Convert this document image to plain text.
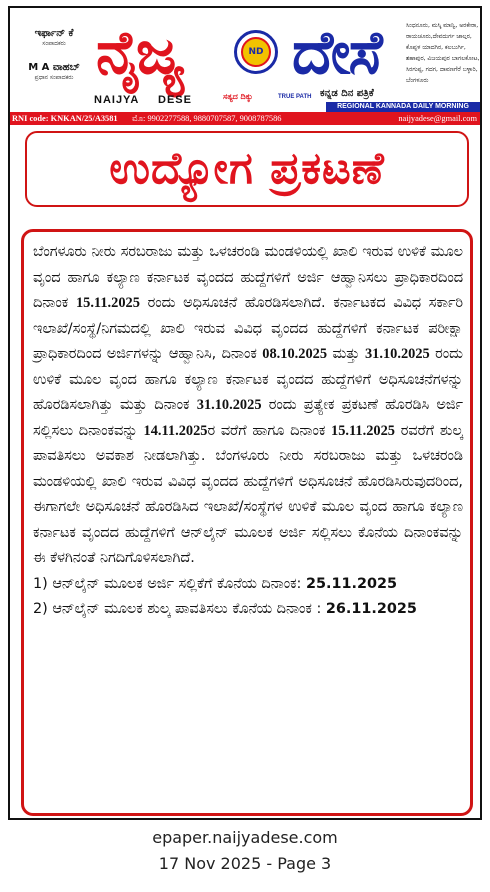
ಇರ್ಫಾನ್ ಕೆ
ಸಂಪಾದಕರು
M A ವಾಹಬ್
ಪ್ರಧಾನ ಸಂಪಾದಕರು ನೈಜ್ಯ	ND ದೇಸೆ
NAIJYA DESE	ಸತ್ಯದ ದಿಕ್ಕು	TRUE PATH ಕನ್ನಡ ದಿನ ಪತ್ರಿಕೆ
ಸಿಂಧನೂರು, ಮಸ್ಕಿ ಮಾನ್ವಿ, ಅರಕೇರಾ, ರಾಯಚೂರು,ದೇವದುರ್ಗ ಜಾಲ್ಗರ, ಕೊಪ್ಪಳ ಯಾದಗಿರ, ಕಲಬುರ್ಗಿ, ಶಹಾಪುರ, ವಿಜಯಪುರ ಬಾಗಲಕೋಟ, ಸಿರಗುಪ್ಪ, ಗದಗ, ದಾವಣಗೆರೆ ಬಳ್ಳಾರಿ, ಬೆಂಗಳೂರು
REGIONAL KANNADA DAILY MORNING
RNI code: KNKAN/25/A3581 ಮೊ: 9902277588, 9880707587, 9008787586	naijyadese@gmail.com
ಉದ್ಯೋಗ ಪ್ರಕಟಣೆ

ಬೆಂಗಳೂರು ನೀರು ಸರಬರಾಜು ಮತ್ತು ಒಳಚರಂಡಿ ಮಂಡಳಿಯಲ್ಲಿ ಖಾಲಿ ಇರುವ ಉಳಿಕೆ ಮೂಲ ವೃಂದ ಹಾಗೂ ಕಲ್ಯಾಣ ಕರ್ನಾಟಕ ವೃಂದದ ಹುದ್ದೆಗಳಿಗೆ ಅರ್ಜಿ ಆಹ್ವಾನಿಸಲು ಪ್ರಾಧಿಕಾರದಿಂದ ದಿನಾಂಕ 15.11.2025 ರಂದು ಅಧಿಸೂಚನೆ ಹೊರಡಿಸಲಾಗಿದೆ. ಕರ್ನಾಟಕದ ವಿವಿಧ ಸರ್ಕಾರಿ ಇಲಾಖೆ/ಸಂಸ್ಥೆ/ನಿಗಮದಲ್ಲಿ ಖಾಲಿ ಇರುವ ವಿವಿಧ ವೃಂದದ ಹುದ್ದೆಗಳಿಗೆ ಕರ್ನಾಟಕ ಪರೀಕ್ಷಾ ಪ್ರಾಧಿಕಾರದಿಂದ ಅರ್ಜಿಗಳನ್ನು ಆಹ್ವಾನಿಸಿ, ದಿನಾಂಕ 08.10.2025 ಮತ್ತು 31.10.2025 ರಂದು ಉಳಿಕೆ ಮೂಲ ವೃಂದ ಹಾಗೂ ಕಲ್ಯಾಣ ಕರ್ನಾಟಕ ವೃಂದದ ಹುದ್ದೆಗಳಿಗೆ ಅಧಿಸೂಚನೆಗಳನ್ನು ಹೊರಡಿಸಲಾಗಿತ್ತು ಮತ್ತು ದಿನಾಂಕ 31.10.2025 ರಂದು ಪ್ರತ್ಯೇಕ ಪ್ರಕಟಣೆ ಹೊರಡಿಸಿ ಅರ್ಜಿ ಸಲ್ಲಿಸಲು ದಿನಾಂಕವನ್ನು 14.11.2025ರ ವರೆಗೆ ಹಾಗೂ ದಿನಾಂಕ 15.11.2025 ರವರೆಗೆ ಶುಲ್ಕ ಪಾವತಿಸಲು ಅವಕಾಶ ನೀಡಲಾಗಿತ್ತು. ಬೆಂಗಳೂರು ನೀರು ಸರಬರಾಜು ಮತ್ತು ಒಳಚರಂಡಿ ಮಂಡಳಿಯಲ್ಲಿ ಖಾಲಿ ಇರುವ ವಿವಿಧ ವೃಂದದ ಹುದ್ದೆಗಳಿಗೆ ಅಧಿಸೂಚನೆ ಹೊರಡಿಸಿರುವುದರಿಂದ, ಈಗಾಗಲೇ ಅಧಿಸೂಚನೆ ಹೊರಡಿಸಿದ ಇಲಾಖೆ/ಸಂಸ್ಥೆಗಳ ಉಳಿಕೆ ಮೂಲ ವೃಂದ ಹಾಗೂ ಕಲ್ಯಾಣ ಕರ್ನಾಟಕ ವೃಂದದ ಹುದ್ದೆಗಳಿಗೆ ಆನ್‌ಲೈನ್ ಮೂಲಕ ಅರ್ಜಿ ಸಲ್ಲಿಸಲು ಕೊನೆಯ ದಿನಾಂಕವನ್ನು ಈ ಕೆಳಗಿನಂತೆ ನಿಗದಿಗೊಳಿಸಲಾಗಿದೆ.

1) ಆನ್‌ಲೈನ್ ಮೂಲಕ ಅರ್ಜಿ ಸಲ್ಲಿಕೆಗೆ ಕೊನೆಯ ದಿನಾಂಕ: 25.11.2025

2) ಆನ್‌ಲೈನ್ ಮೂಲಕ ಶುಲ್ಕ ಪಾವತಿಸಲು ಕೊನೆಯ ದಿನಾಂಕ : 26.11.2025

epaper.naijyadese.com
17 Nov 2025 - Page 3
